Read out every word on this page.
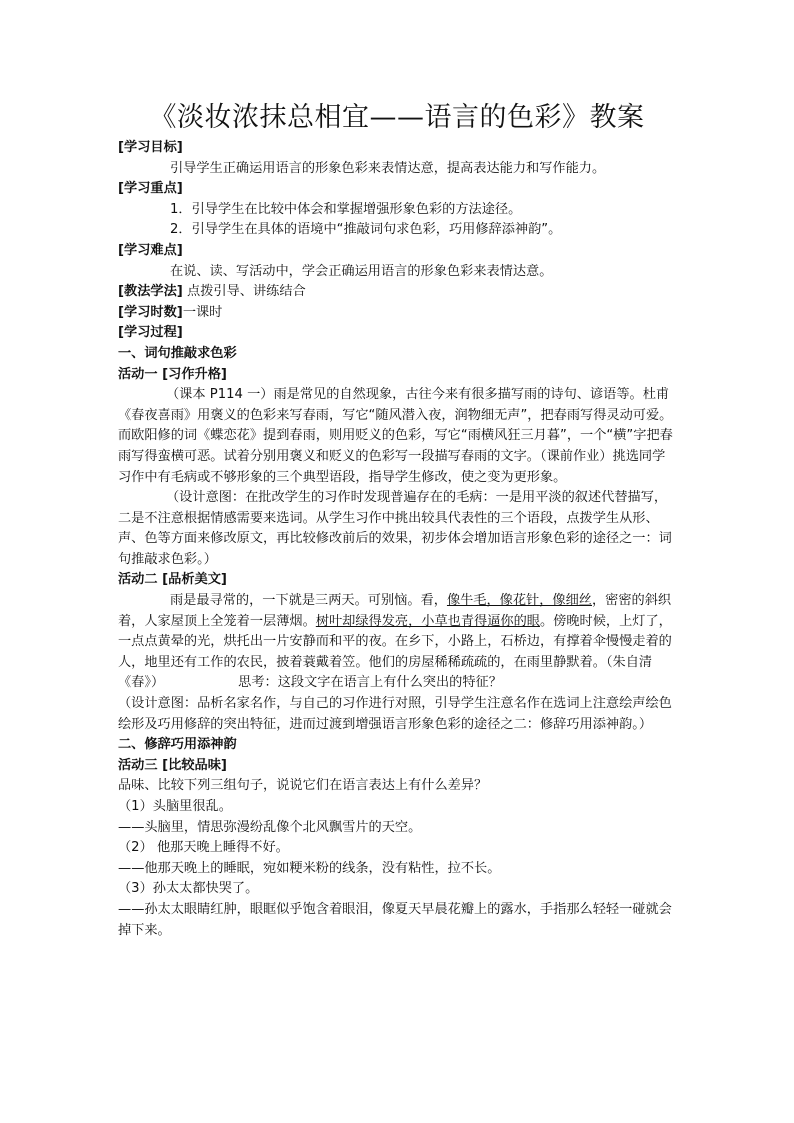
《淡妆浓抹总相宜——语言的色彩》教案

[学习目标]

引导学生正确运用语言的形象色彩来表情达意，提高表达能力和写作能力。

[学习重点]

1．引导学生在比较中体会和掌握增强形象色彩的方法途径。

2．引导学生在具体的语境中“推敲词句求色彩，巧用修辞添神韵”。

[学习难点]

在说、读、写活动中，学会正确运用语言的形象色彩来表情达意。

[教法学法] 点拨引导、讲练结合

[学习时数]一课时

[学习过程]

一、词句推敲求色彩

活动一 [习作升格]

（课本 P114 一）雨是常见的自然现象，古往今来有很多描写雨的诗句、谚语等。杜甫《春夜喜雨》用褒义的色彩来写春雨，写它“随风潜入夜，润物细无声”，把春雨写得灵动可爱。而欧阳修的词《蝶恋花》提到春雨，则用贬义的色彩，写它“雨横风狂三月暮”，一个“横”字把春雨写得蛮横可恶。试着分别用褒义和贬义的色彩写一段描写春雨的文字。（课前作业）挑选同学习作中有毛病或不够形象的三个典型语段，指导学生修改，使之变为更形象。

（设计意图：在批改学生的习作时发现普遍存在的毛病：一是用平淡的叙述代替描写，二是不注意根据情感需要来选词。从学生习作中挑出较具代表性的三个语段，点拨学生从形、声、色等方面来修改原文，再比较修改前后的效果，初步体会增加语言形象色彩的途径之一：词句推敲求色彩。）

活动二 [品析美文]

雨是最寻常的，一下就是三两天。可别恼。看，像牛毛，像花针，像细丝，密密的斜织着，人家屋顶上全笼着一层薄烟。树叶却绿得发亮，小草也青得逼你的眼。傍晚时候，上灯了，一点点黄晕的光，烘托出一片安静而和平的夜。在乡下，小路上，石桥边，有撑着伞慢慢走着的人，地里还有工作的农民，披着蓑戴着笠。他们的房屋稀稀疏疏的，在雨里静默着。（朱自清《春》）	思考：这段文字在语言上有什么突出的特征？

（设计意图：品析名家名作，与自己的习作进行对照，引导学生注意名作在选词上注意绘声绘色绘形及巧用修辞的突出特征，进而过渡到增强语言形象色彩的途径之二：修辞巧用添神韵。）

二、修辞巧用添神韵

活动三 [比较品味]

品味、比较下列三组句子，说说它们在语言表达上有什么差异？

（1）头脑里很乱。

——头脑里，情思弥漫纷乱像个北风飘雪片的天空。

（2） 他那天晚上睡得不好。

——他那天晚上的睡眠，宛如粳米粉的线条，没有粘性，拉不长。

（3）孙太太都快哭了。

——孙太太眼睛红肿，眼眶似乎饱含着眼泪，像夏天早晨花瓣上的露水，手指那么轻轻一碰就会掉下来。
